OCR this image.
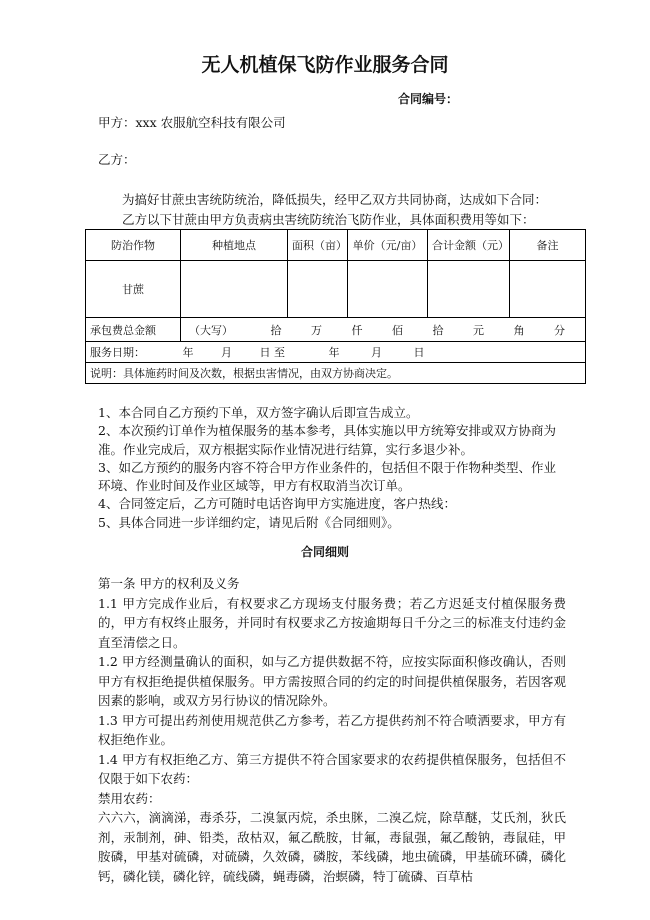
无人机植保飞防作业服务合同
合同编号：
甲方：xxx 农服航空科技有限公司
乙方：
为搞好甘蔗虫害统防统治，降低损失，经甲乙双方共同协商，达成如下合同：
乙方以下甘蔗由甲方负责病虫害统防统治飞防作业，具体面积费用等如下：
防治作物	种植地点	面积（亩）	单价（元/亩）	合计金额（元）	备注
甘蔗					
承包费总金额	（大写） 拾 万 仟 佰 拾 元 角 分				
服务日期： 年 月 日 至 年 月 日					
说明：具体施药时间及次数，根据虫害情况，由双方协商决定。					

1、本合同自乙方预约下单，双方签字确认后即宣告成立。

2、本次预约订单作为植保服务的基本参考，具体实施以甲方统筹安排或双方协商为准。作业完成后，双方根据实际作业情况进行结算，实行多退少补。

3、如乙方预约的服务内容不符合甲方作业条件的，包括但不限于作物种类型、作业环境、作业时间及作业区域等，甲方有权取消当次订单。

4、合同签定后，乙方可随时电话咨询甲方实施进度，客户热线：

5、具体合同进一步详细约定，请见后附《合同细则》。

合同细则

第一条 甲方的权利及义务

1.1 甲方完成作业后，有权要求乙方现场支付服务费；若乙方迟延支付植保服务费的，甲方有权终止服务，并同时有权要求乙方按逾期每日千分之三的标准支付违约金直至清偿之日。

1.2 甲方经测量确认的面积，如与乙方提供数据不符，应按实际面积修改确认，否则甲方有权拒绝提供植保服务。甲方需按照合同的约定的时间提供植保服务，若因客观因素的影响，或双方另行协议的情况除外。

1.3 甲方可提出药剂使用规范供乙方参考，若乙方提供药剂不符合喷洒要求，甲方有权拒绝作业。

1.4 甲方有权拒绝乙方、第三方提供不符合国家要求的农药提供植保服务，包括但不仅限于如下农药：

禁用农药：

六六六，滴滴涕，毒杀芬，二溴氯丙烷，杀虫脒，二溴乙烷，除草醚，艾氏剂，狄氏剂，汞制剂，砷、铅类，敌枯双，氟乙酰胺，甘氟，毒鼠强，氟乙酸钠，毒鼠硅，甲胺磷，甲基对硫磷，对硫磷，久效磷，磷胺，苯线磷，地虫硫磷，甲基硫环磷，磷化钙，磷化镁，磷化锌，硫线磷，蝇毒磷，治螟磷，特丁硫磷、百草枯
